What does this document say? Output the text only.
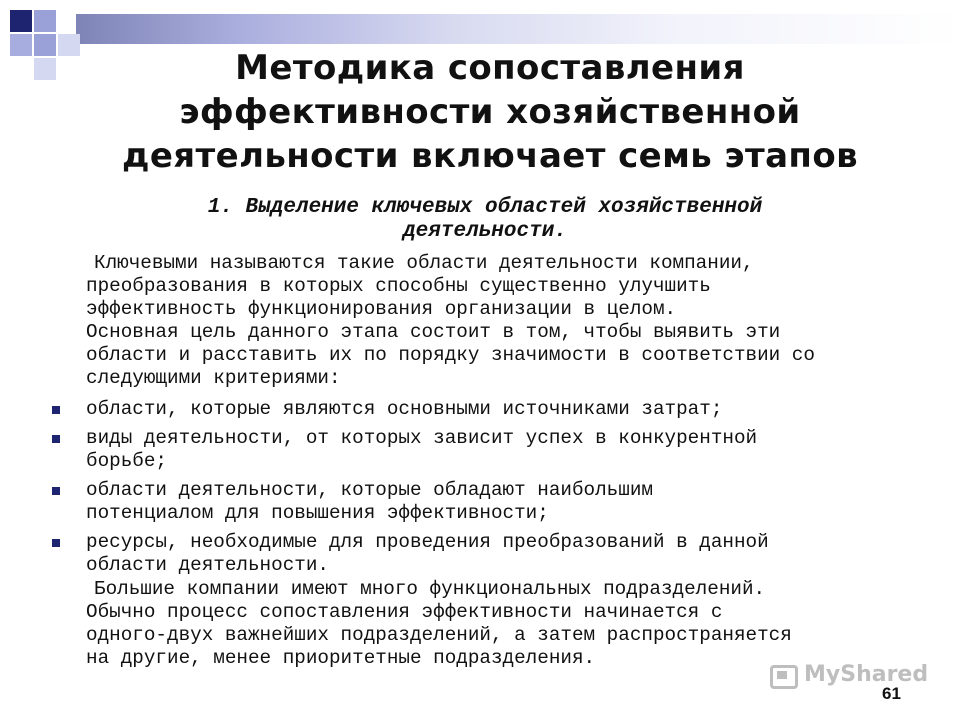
Методика сопоставления
эффективности хозяйственной
деятельности включает семь этапов
1. Выделение ключевых областей хозяйственной
деятельности.
Ключевыми называются такие области деятельности компании,
преобразования в которых способны существенно улучшить
эффективность функционирования организации в целом.
Основная цель данного этапа состоит в том, чтобы выявить эти
области и расставить их по порядку значимости в соответствии со
следующими критериями:
области, которые являются основными источниками затрат;
виды деятельности, от которых зависит успех в конкурентной
борьбе;
области деятельности, которые обладают наибольшим
потенциалом для повышения эффективности;
ресурсы, необходимые для проведения преобразований в данной
области деятельности.
Большие компании имеют много функциональных подразделений.
Обычно процесс сопоставления эффективности начинается с
одного-двух важнейших подразделений, а затем распространяется
на другие, менее приоритетные подразделения.
MyShared
61
